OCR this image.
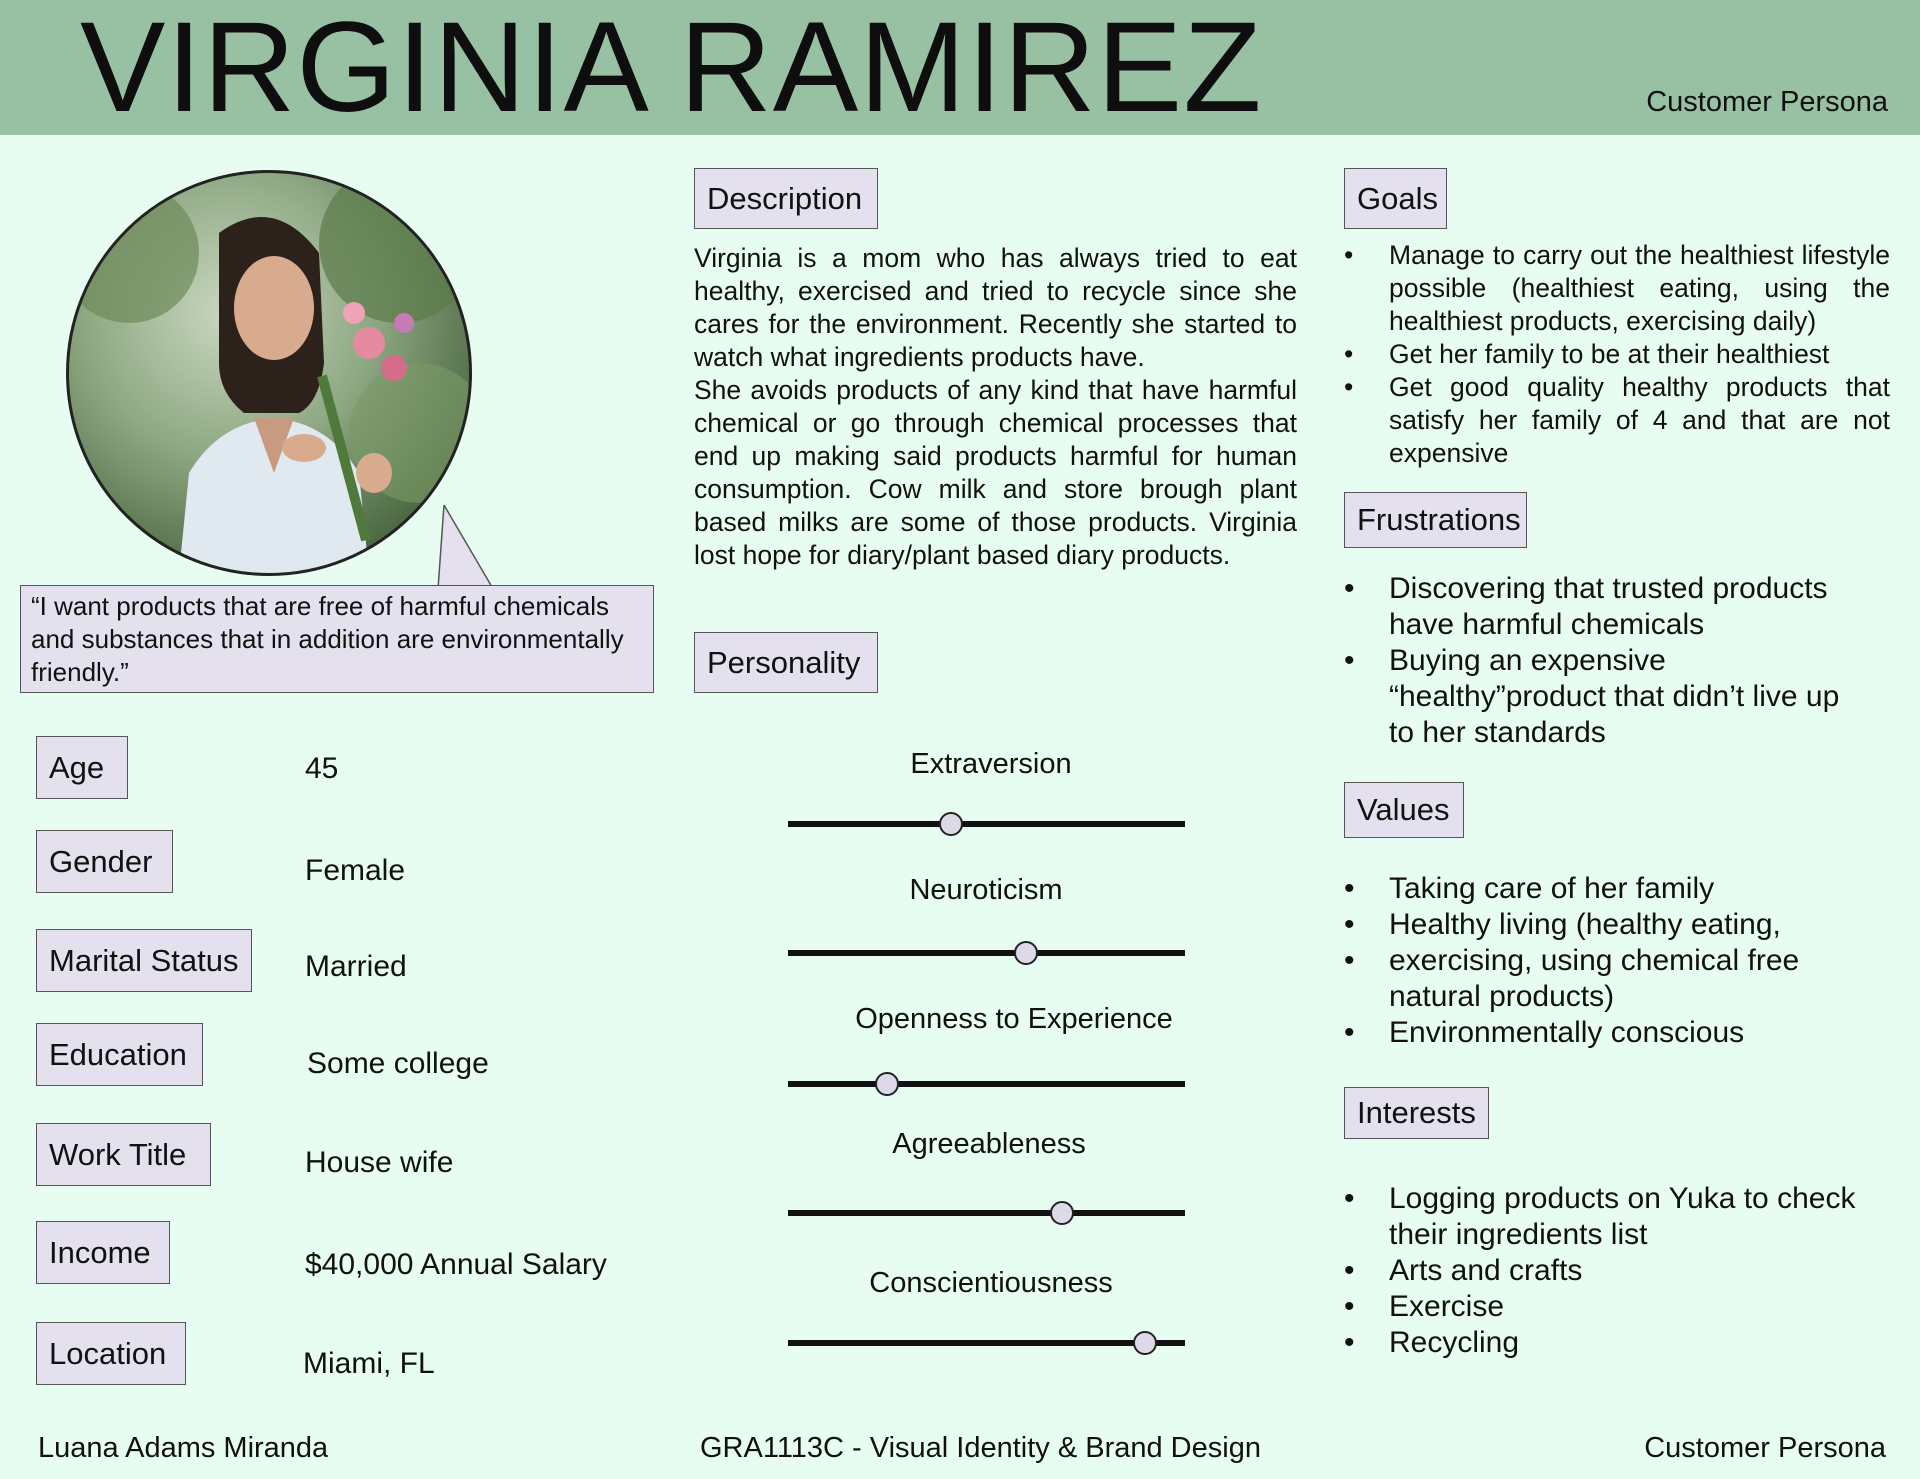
VIRGINIA RAMIREZ	Customer Persona
“I want products that are free of harmful chemicals and substances that in addition are environmentally friendly.”
Age	45
Gender	Female
Marital Status	Married
Education	Some college
Work Title	House wife
Income	$40,000 Annual Salary
Location	Miami, FL
Description
Virginia is a mom who has always tried to eat healthy, exercised and tried to recycle since she cares for the environment. Recently she started to watch what ingredients products have.
She avoids products of any kind that have harmful chemical or go through chemical processes that end up making said products harmful for human consumption. Cow milk and store brough plant based milks are some of those products. Virginia lost hope for diary/plant based diary products.
Personality
Extraversion
Neuroticism
Openness to Experience
Agreeableness
Conscientiousness
Goals
• Manage to carry out the healthiest lifestyle possible (healthiest eating, using the healthiest products, exercising daily)
• Get her family to be at their healthiest
• Get good quality healthy products that satisfy her family of 4 and that are not expensive
Frustrations
• Discovering that trusted products have harmful chemicals
• Buying an expensive “healthy”product that didn’t live up to her standards
Values
• Taking care of her family
• Healthy living (healthy eating,
• exercising, using chemical free natural products)
• Environmentally conscious
Interests
• Logging products on Yuka to check their ingredients list
• Arts and crafts
• Exercise
• Recycling
Luana Adams Miranda	GRA1113C - Visual Identity & Brand Design	Customer Persona
